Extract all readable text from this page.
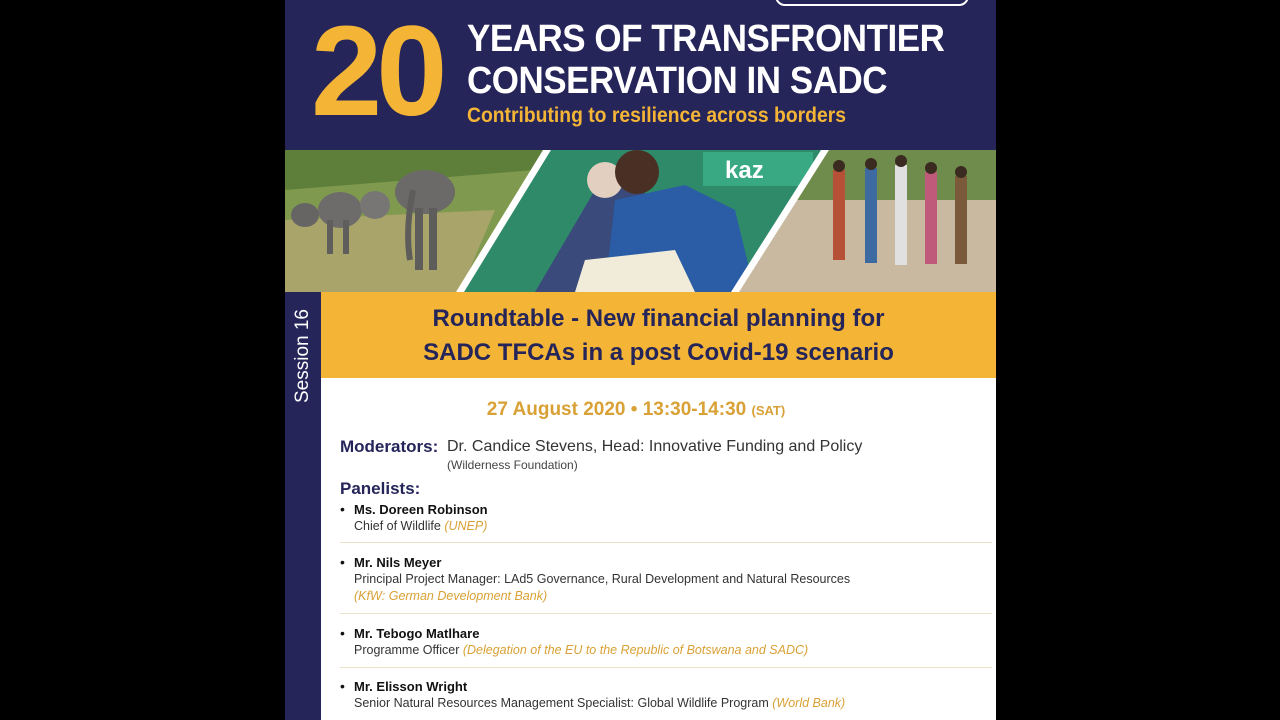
20 YEARS OF TRANSFRONTIER
CONSERVATION IN SADC
Contributing to resilience across borders
kaz
Session 16	Roundtable - New financial planning for
SADC TFCAs in a post Covid-19 scenario
27 August 2020 • 13:30-14:30 (SAT)
Moderators: Dr. Candice Stevens, Head: Innovative Funding and Policy
(Wilderness Foundation)
Panelists:
• Ms. Doreen Robinson
Chief of Wildlife (UNEP)
• Mr. Nils Meyer
Principal Project Manager: LAd5 Governance, Rural Development and Natural Resources
(KfW: German Development Bank)
• Mr. Tebogo Matlhare
Programme Officer (Delegation of the EU to the Republic of Botswana and SADC)
• Mr. Elisson Wright
Senior Natural Resources Management Specialist: Global Wildlife Program (World Bank)
